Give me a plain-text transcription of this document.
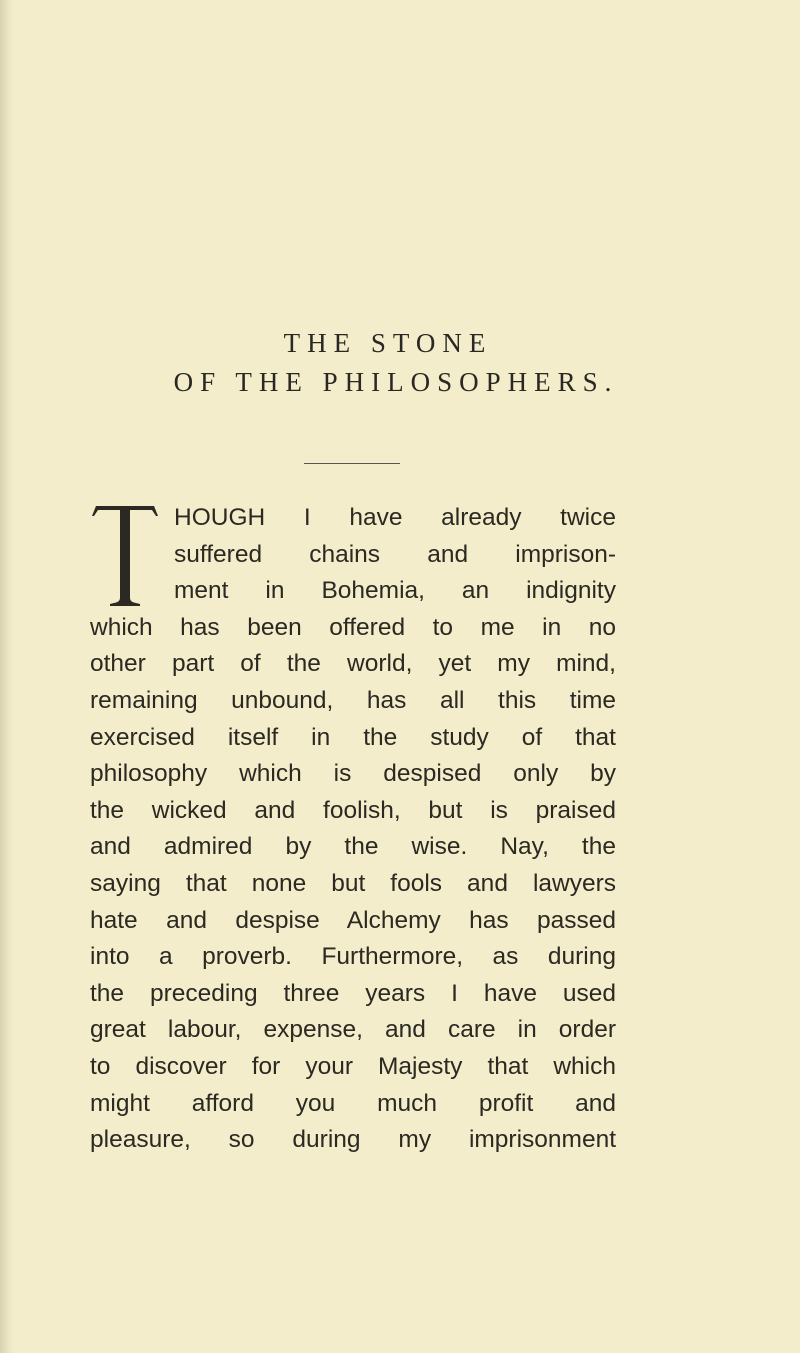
THE STONE
OF THE PHILOSOPHERS.
HOUGH I have already twice
suffered chains and imprison-
ment in Bohemia, an indignity
which has been offered to me in no
other part of the world, yet my mind,
remaining unbound, has all this time
exercised itself in the study of that
philosophy which is despised only by
the wicked and foolish, but is praised
and admired by the wise. Nay, the
saying that none but fools and lawyers
hate and despise Alchemy has passed
into a proverb. Furthermore, as during
the preceding three years I have used
great labour, expense, and care in order
to discover for your Majesty that which
might afford you much profit and
pleasure, so during my imprisonment
